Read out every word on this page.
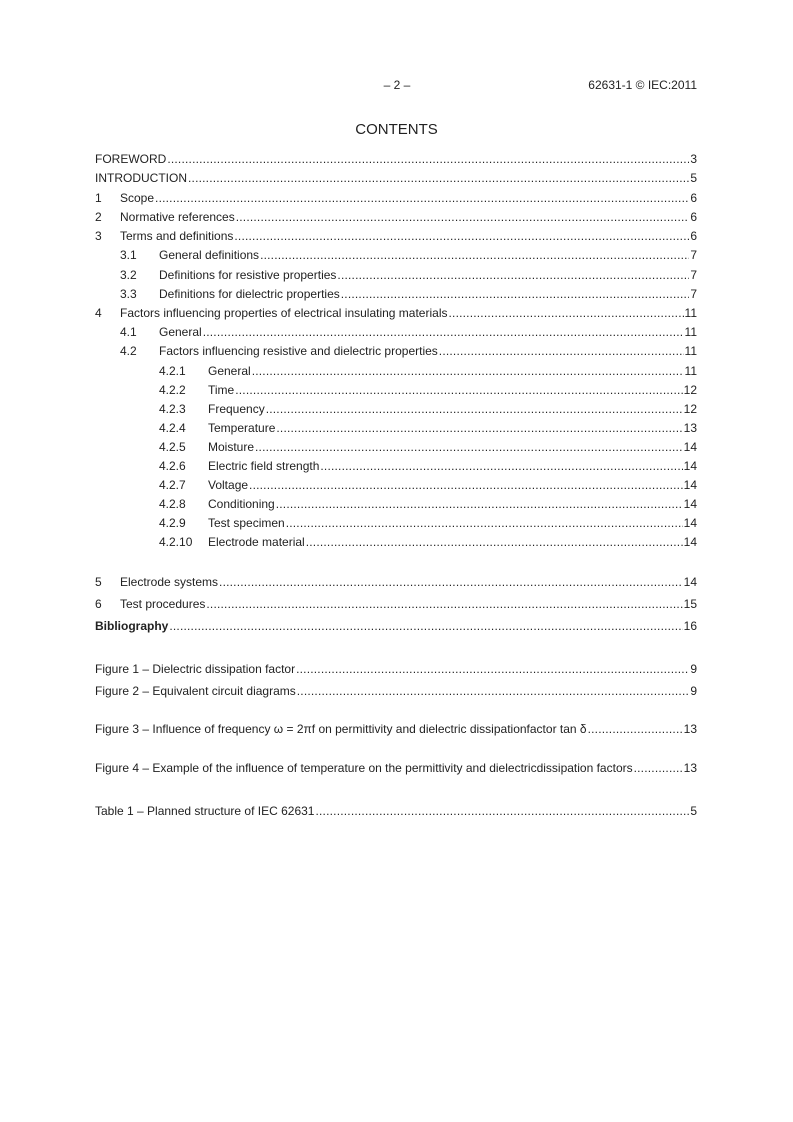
– 2 –	62631-1 © IEC:2011
CONTENTS
FOREWORD .....	3
INTRODUCTION .....	5
1	Scope .....	6
2	Normative references .....	6
3	Terms and definitions .....	6
3.1	General definitions .....	7
3.2	Definitions for resistive properties .....	7
3.3	Definitions for dielectric properties .....	7
4	Factors influencing properties of electrical insulating materials .....	11
4.1	General .....	11
4.2	Factors influencing resistive and dielectric properties .....	11
4.2.1	General .....	11
4.2.2	Time .....	12
4.2.3	Frequency .....	12
4.2.4	Temperature .....	13
4.2.5	Moisture .....	14
4.2.6	Electric field strength .....	14
4.2.7	Voltage .....	14
4.2.8	Conditioning .....	14
4.2.9	Test specimen .....	14
4.2.10	Electrode material .....	14
5	Electrode systems .....	14
6	Test procedures .....	15
Bibliography .....	16
Figure 1 – Dielectric dissipation factor .....	9
Figure 2 – Equivalent circuit diagrams .....	9
Figure 3 – Influence of frequency ω = 2πf on permittivity and dielectric dissipation factor tan δ .....	13
Figure 4 – Example of the influence of temperature on the permittivity and dielectric dissipation factors .....	13
Table 1 – Planned structure of IEC 62631 .....	5
